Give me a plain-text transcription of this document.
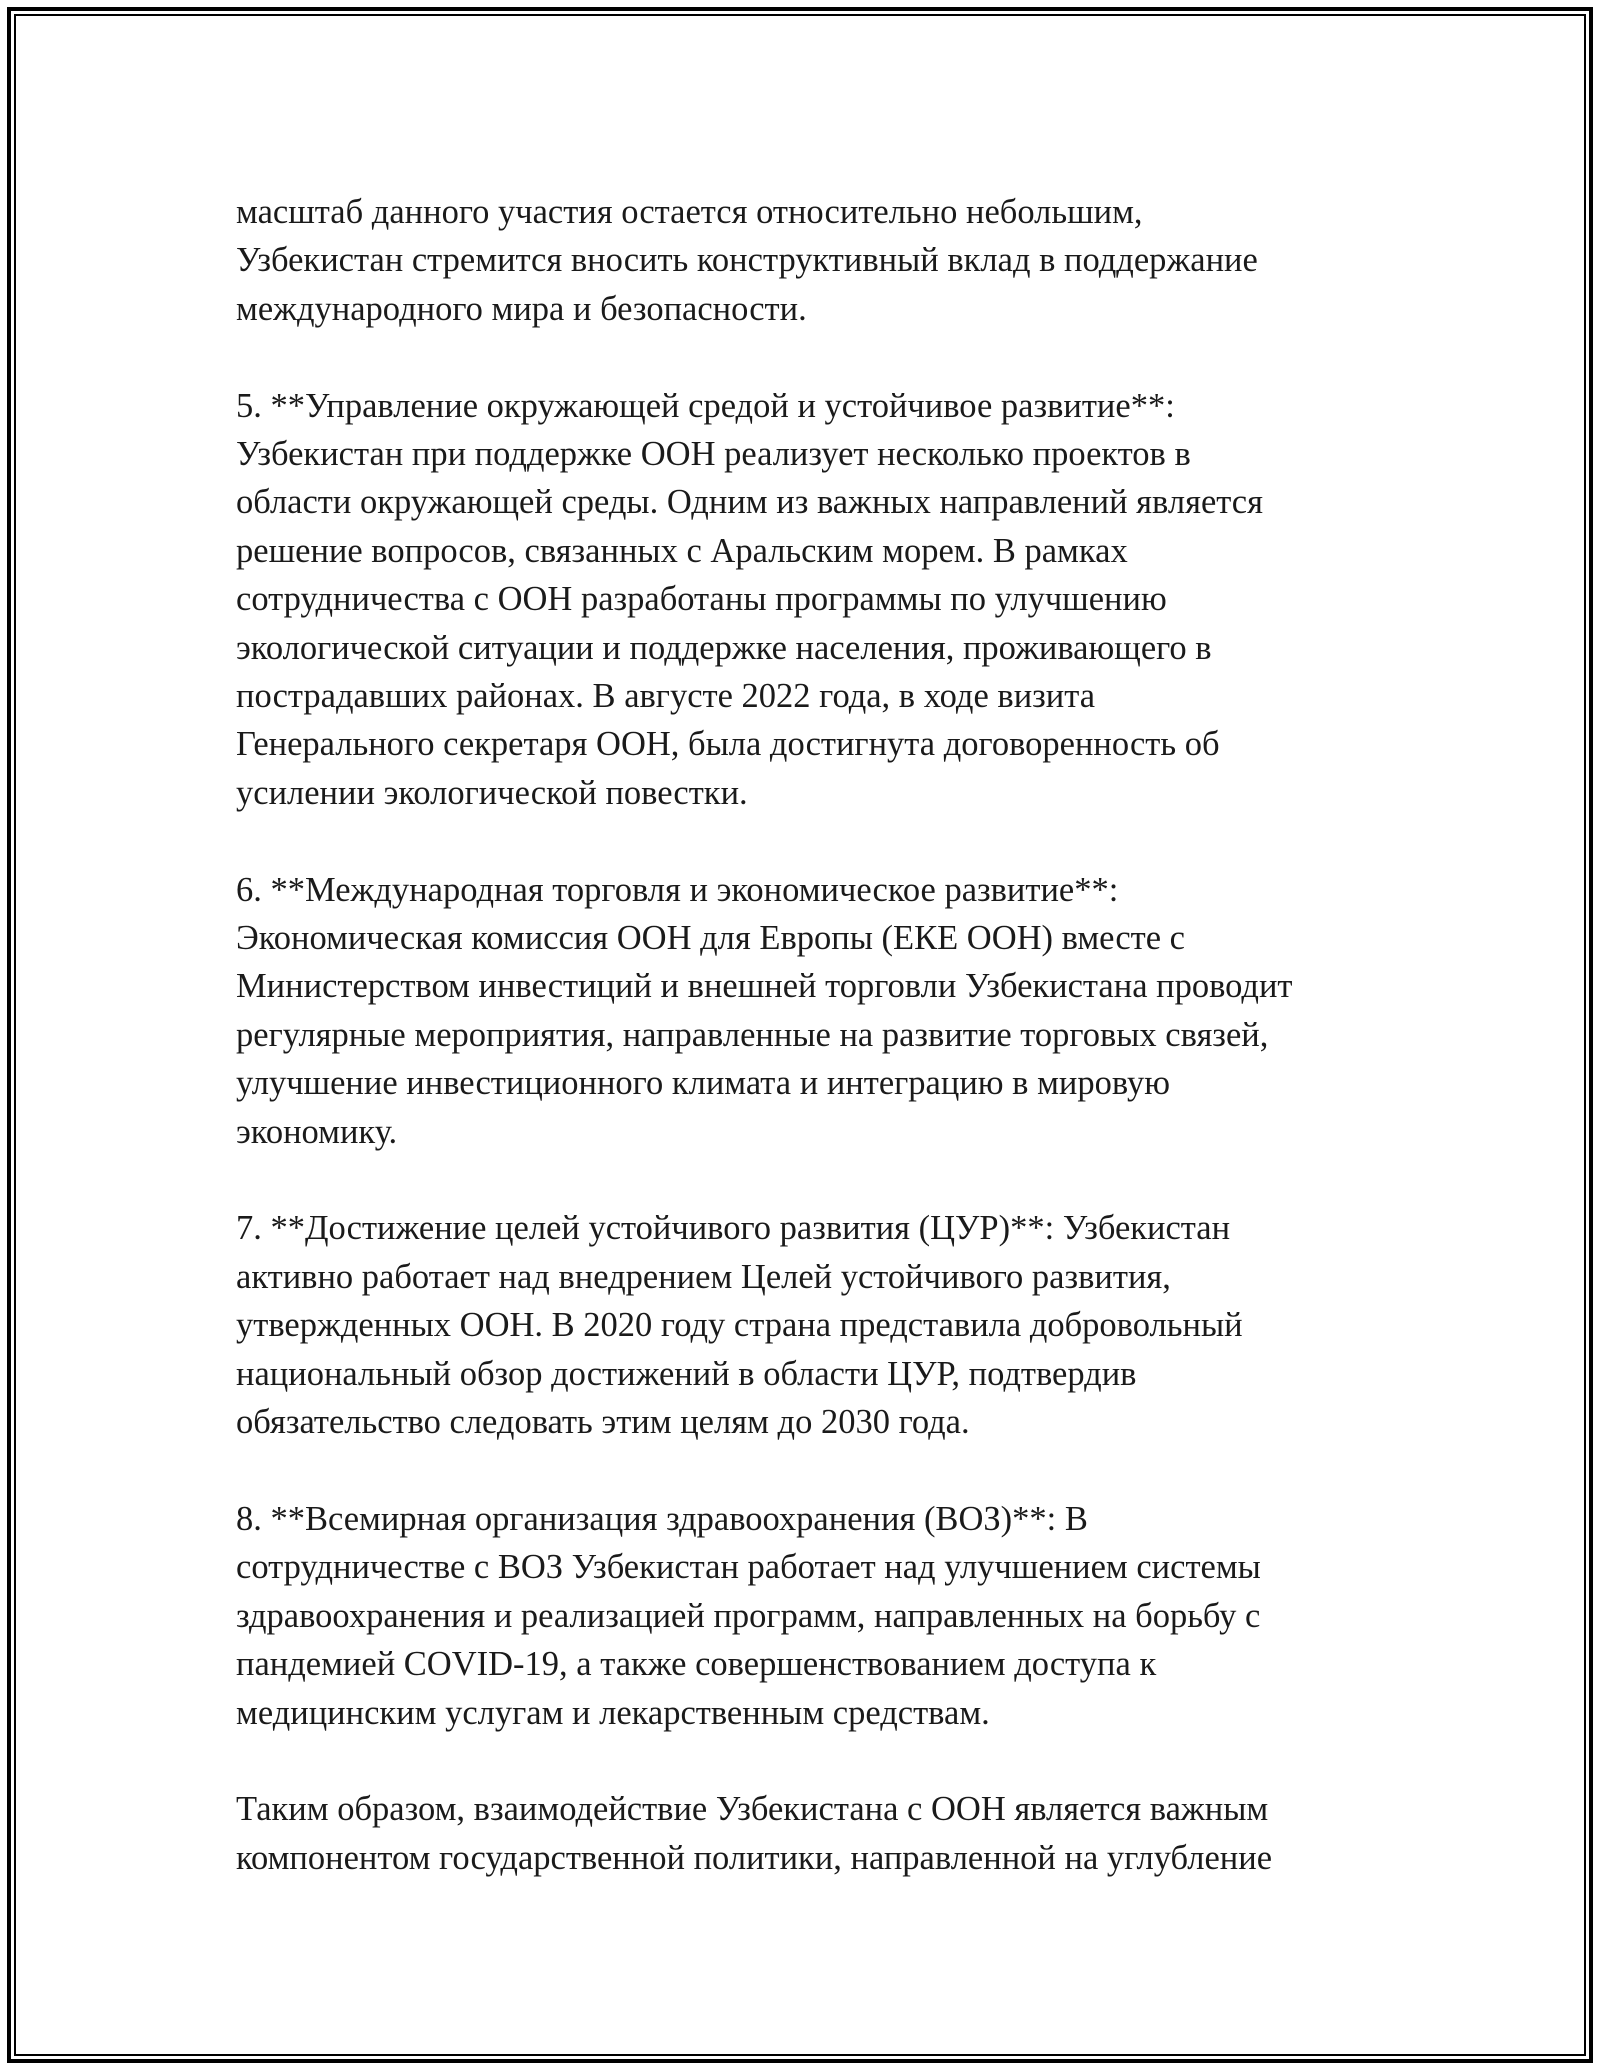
масштаб данного участия остается относительно небольшим,
Узбекистан стремится вносить конструктивный вклад в поддержание
международного мира и безопасности.

5. **Управление окружающей средой и устойчивое развитие**:
Узбекистан при поддержке ООН реализует несколько проектов в
области окружающей среды. Одним из важных направлений является
решение вопросов, связанных с Аральским морем. В рамках
сотрудничества с ООН разработаны программы по улучшению
экологической ситуации и поддержке населения, проживающего в
пострадавших районах. В августе 2022 года, в ходе визита
Генерального секретаря ООН, была достигнута договоренность об
усилении экологической повестки.

6. **Международная торговля и экономическое развитие**:
Экономическая комиссия ООН для Европы (ЕКЕ ООН) вместе с
Министерством инвестиций и внешней торговли Узбекистана проводит
регулярные мероприятия, направленные на развитие торговых связей,
улучшение инвестиционного климата и интеграцию в мировую
экономику.

7. **Достижение целей устойчивого развития (ЦУР)**: Узбекистан
активно работает над внедрением Целей устойчивого развития,
утвержденных ООН. В 2020 году страна представила добровольный
национальный обзор достижений в области ЦУР, подтвердив
обязательство следовать этим целям до 2030 года.

8. **Всемирная организация здравоохранения (ВОЗ)**: В
сотрудничестве с ВОЗ Узбекистан работает над улучшением системы
здравоохранения и реализацией программ, направленных на борьбу с
пандемией COVID-19, а также совершенствованием доступа к
медицинским услугам и лекарственным средствам.

Таким образом, взаимодействие Узбекистана с ООН является важным
компонентом государственной политики, направленной на углубление
